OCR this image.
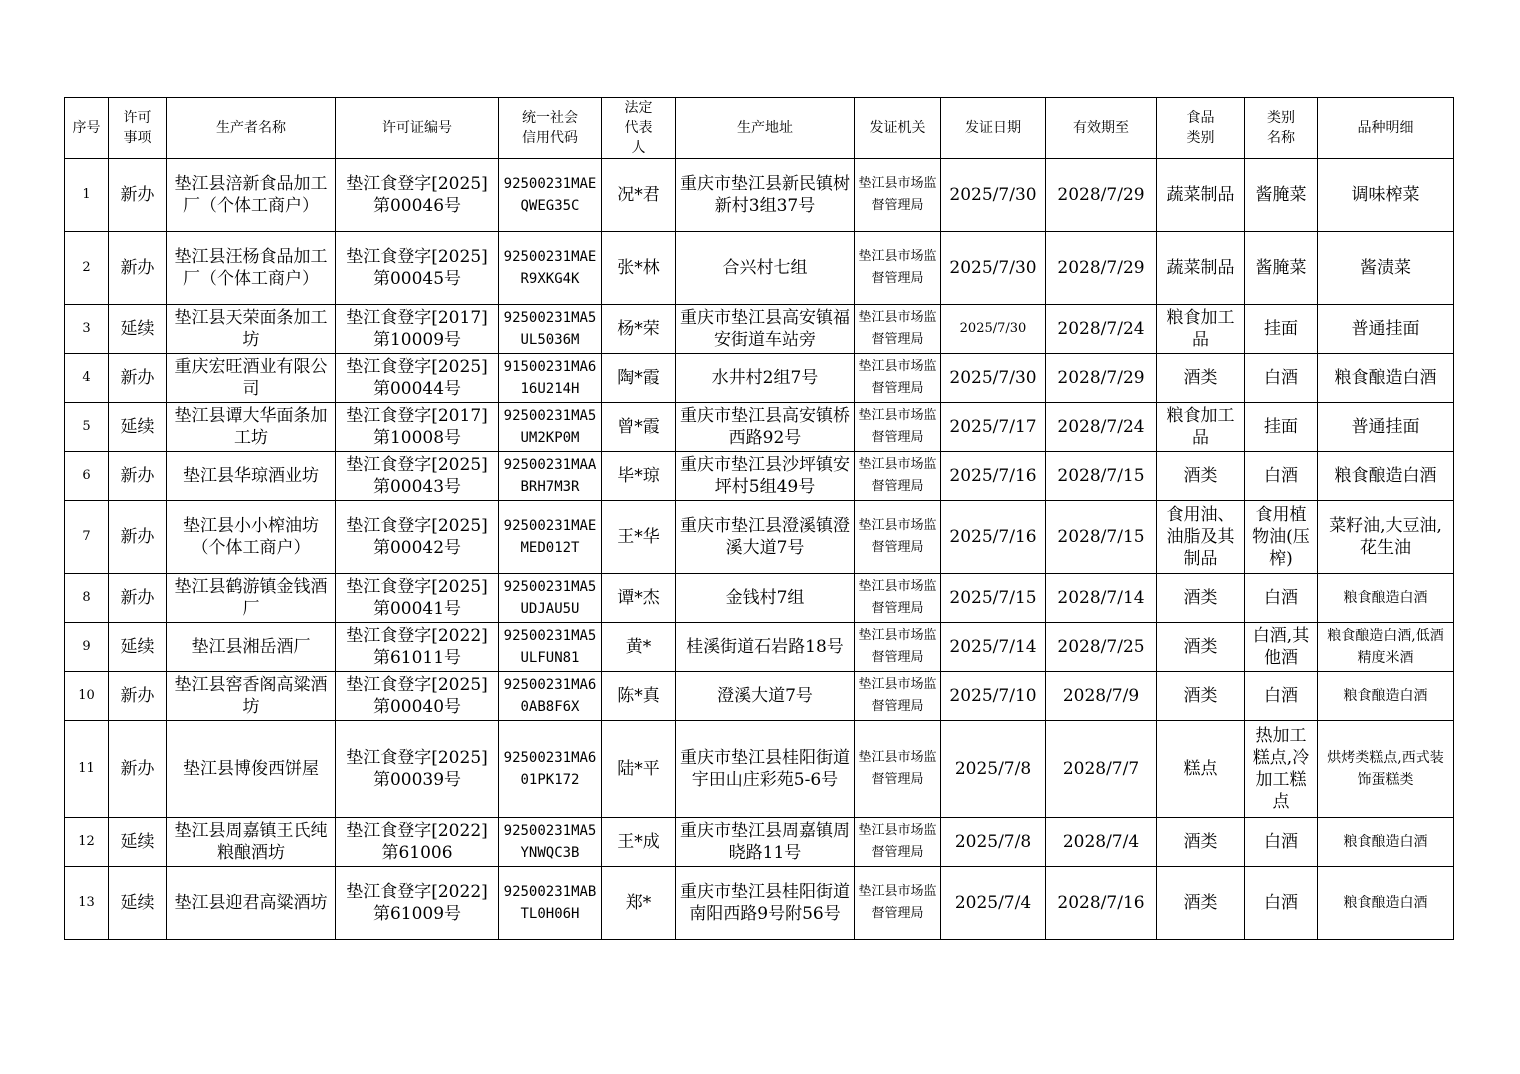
序号	许可事项	生产者名称	许可证编号	统一社会信用代码	法定代表人	生产地址	发证机关	发证日期	有效期至	食品类别	类别名称	品种明细
1	新办	垫江县涪新食品加工厂（个体工商户）	垫江食登字[2025]第00046号	92500231MAEQWEG35C	况*君	重庆市垫江县新民镇树新村3组37号	垫江县市场监督管理局	2025/7/30	2028/7/29	蔬菜制品	酱腌菜	调味榨菜
2	新办	垫江县汪杨食品加工厂（个体工商户）	垫江食登字[2025]第00045号	92500231MAER9XKG4K	张*林	合兴村七组	垫江县市场监督管理局	2025/7/30	2028/7/29	蔬菜制品	酱腌菜	酱渍菜
3	延续	垫江县天荣面条加工坊	垫江食登字[2017]第10009号	92500231MA5UL5036M	杨*荣	重庆市垫江县高安镇福安街道车站旁	垫江县市场监督管理局	2025/7/30	2028/7/24	粮食加工品	挂面	普通挂面
4	新办	重庆宏旺酒业有限公司	垫江食登字[2025]第00044号	91500231MA616U214H	陶*霞	水井村2组7号	垫江县市场监督管理局	2025/7/30	2028/7/29	酒类	白酒	粮食酿造白酒
5	延续	垫江县谭大华面条加工坊	垫江食登字[2017]第10008号	92500231MA5UM2KP0M	曾*霞	重庆市垫江县高安镇桥西路92号	垫江县市场监督管理局	2025/7/17	2028/7/24	粮食加工品	挂面	普通挂面
6	新办	垫江县华琼酒业坊	垫江食登字[2025]第00043号	92500231MAABRH7M3R	毕*琼	重庆市垫江县沙坪镇安坪村5组49号	垫江县市场监督管理局	2025/7/16	2028/7/15	酒类	白酒	粮食酿造白酒
7	新办	垫江县小小榨油坊（个体工商户）	垫江食登字[2025]第00042号	92500231MAEMED012T	王*华	重庆市垫江县澄溪镇澄溪大道7号	垫江县市场监督管理局	2025/7/16	2028/7/15	食用油、油脂及其制品	食用植物油(压榨)	菜籽油,大豆油,花生油
8	新办	垫江县鹤游镇金钱酒厂	垫江食登字[2025]第00041号	92500231MA5UDJAU5U	谭*杰	金钱村7组	垫江县市场监督管理局	2025/7/15	2028/7/14	酒类	白酒	粮食酿造白酒
9	延续	垫江县湘岳酒厂	垫江食登字[2022]第61011号	92500231MA5ULFUN81	黄*	桂溪街道石岩路18号	垫江县市场监督管理局	2025/7/14	2028/7/25	酒类	白酒,其他酒	粮食酿造白酒,低酒精度米酒
10	新办	垫江县窖香阁高粱酒坊	垫江食登字[2025]第00040号	92500231MA60AB8F6X	陈*真	澄溪大道7号	垫江县市场监督管理局	2025/7/10	2028/7/9	酒类	白酒	粮食酿造白酒
11	新办	垫江县博俊西饼屋	垫江食登字[2025]第00039号	92500231MA601PK172	陆*平	重庆市垫江县桂阳街道宇田山庄彩苑5-6号	垫江县市场监督管理局	2025/7/8	2028/7/7	糕点	热加工糕点,冷加工糕点	烘烤类糕点,西式装饰蛋糕类
12	延续	垫江县周嘉镇王氏纯粮酿酒坊	垫江食登字[2022]第61006	92500231MA5YNWQC3B	王*成	重庆市垫江县周嘉镇周晓路11号	垫江县市场监督管理局	2025/7/8	2028/7/4	酒类	白酒	粮食酿造白酒
13	延续	垫江县迎君高粱酒坊	垫江食登字[2022]第61009号	92500231MABTL0H06H	郑*	重庆市垫江县桂阳街道南阳西路9号附56号	垫江县市场监督管理局	2025/7/4	2028/7/16	酒类	白酒	粮食酿造白酒
